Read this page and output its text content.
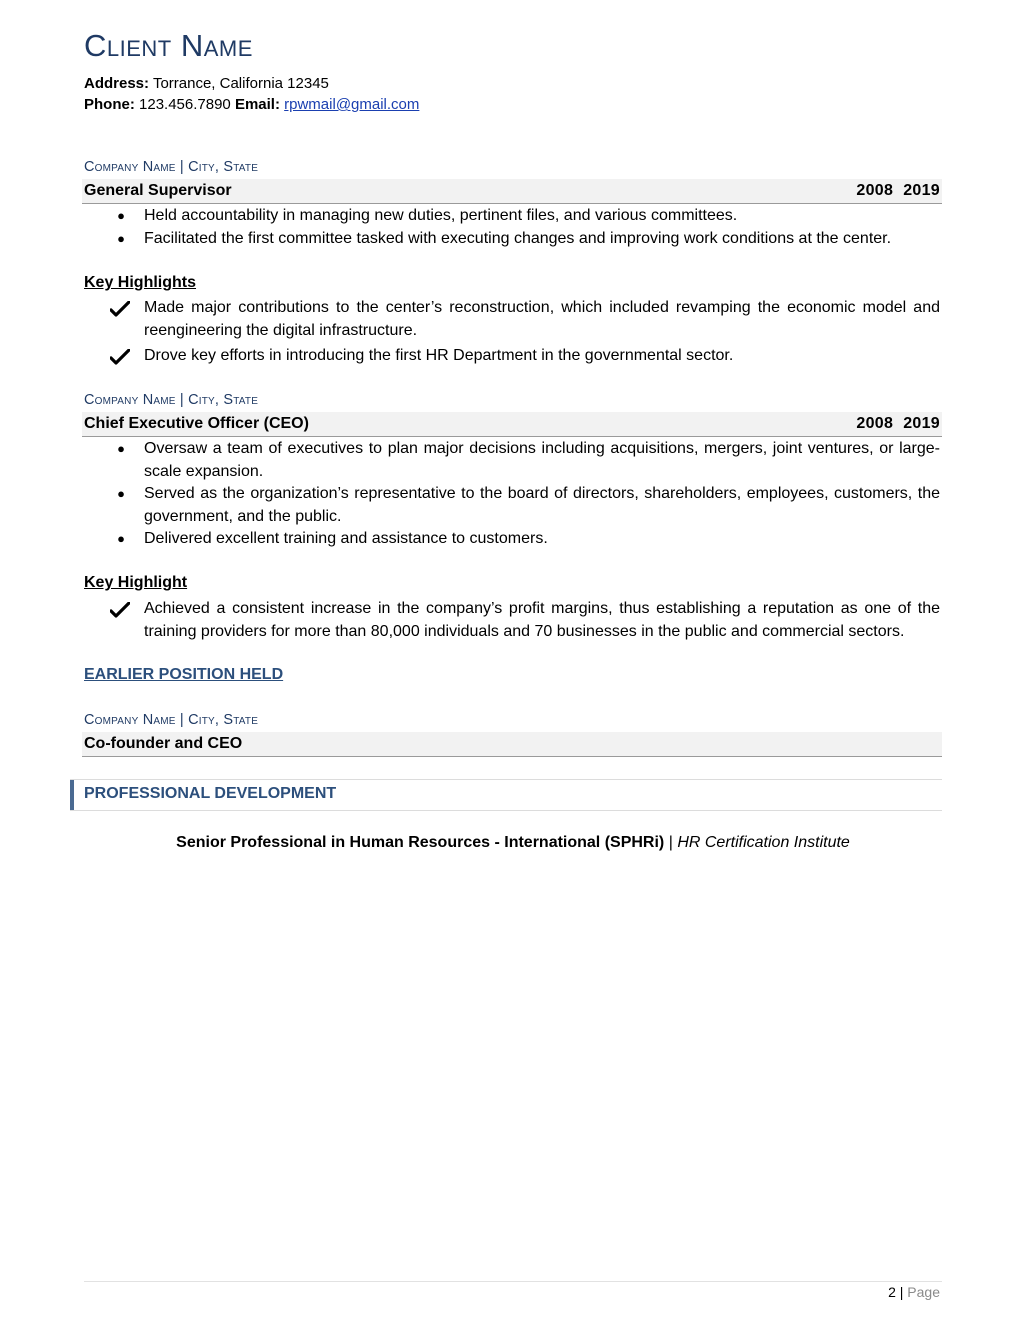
Client Name
Address: Torrance, California 12345
Phone: 123.456.7890 Email: rpwmail@gmail.com
Company Name | City, State
General Supervisor	2008 2019
● Held accountability in managing new duties, pertinent files, and various committees.
● Facilitated the first committee tasked with executing changes and improving work conditions at the center.
Key Highlights
Made major contributions to the center’s reconstruction, which included revamping the economic model and reengineering the digital infrastructure.
Drove key efforts in introducing the first HR Department in the governmental sector.
Company Name | City, State
Chief Executive Officer (CEO)	2008 2019
● Oversaw a team of executives to plan major decisions including acquisitions, mergers, joint ventures, or large-scale expansion.
● Served as the organization’s representative to the board of directors, shareholders, employees, customers, the government, and the public.
● Delivered excellent training and assistance to customers.
Key Highlight
Achieved a consistent increase in the company’s profit margins, thus establishing a reputation as one of the training providers for more than 80,000 individuals and 70 businesses in the public and commercial sectors.
EARLIER POSITION HELD
Company Name | City, State
Co-founder and CEO
PROFESSIONAL DEVELOPMENT
Senior Professional in Human Resources - International (SPHRi) | HR Certification Institute
2 | Page
